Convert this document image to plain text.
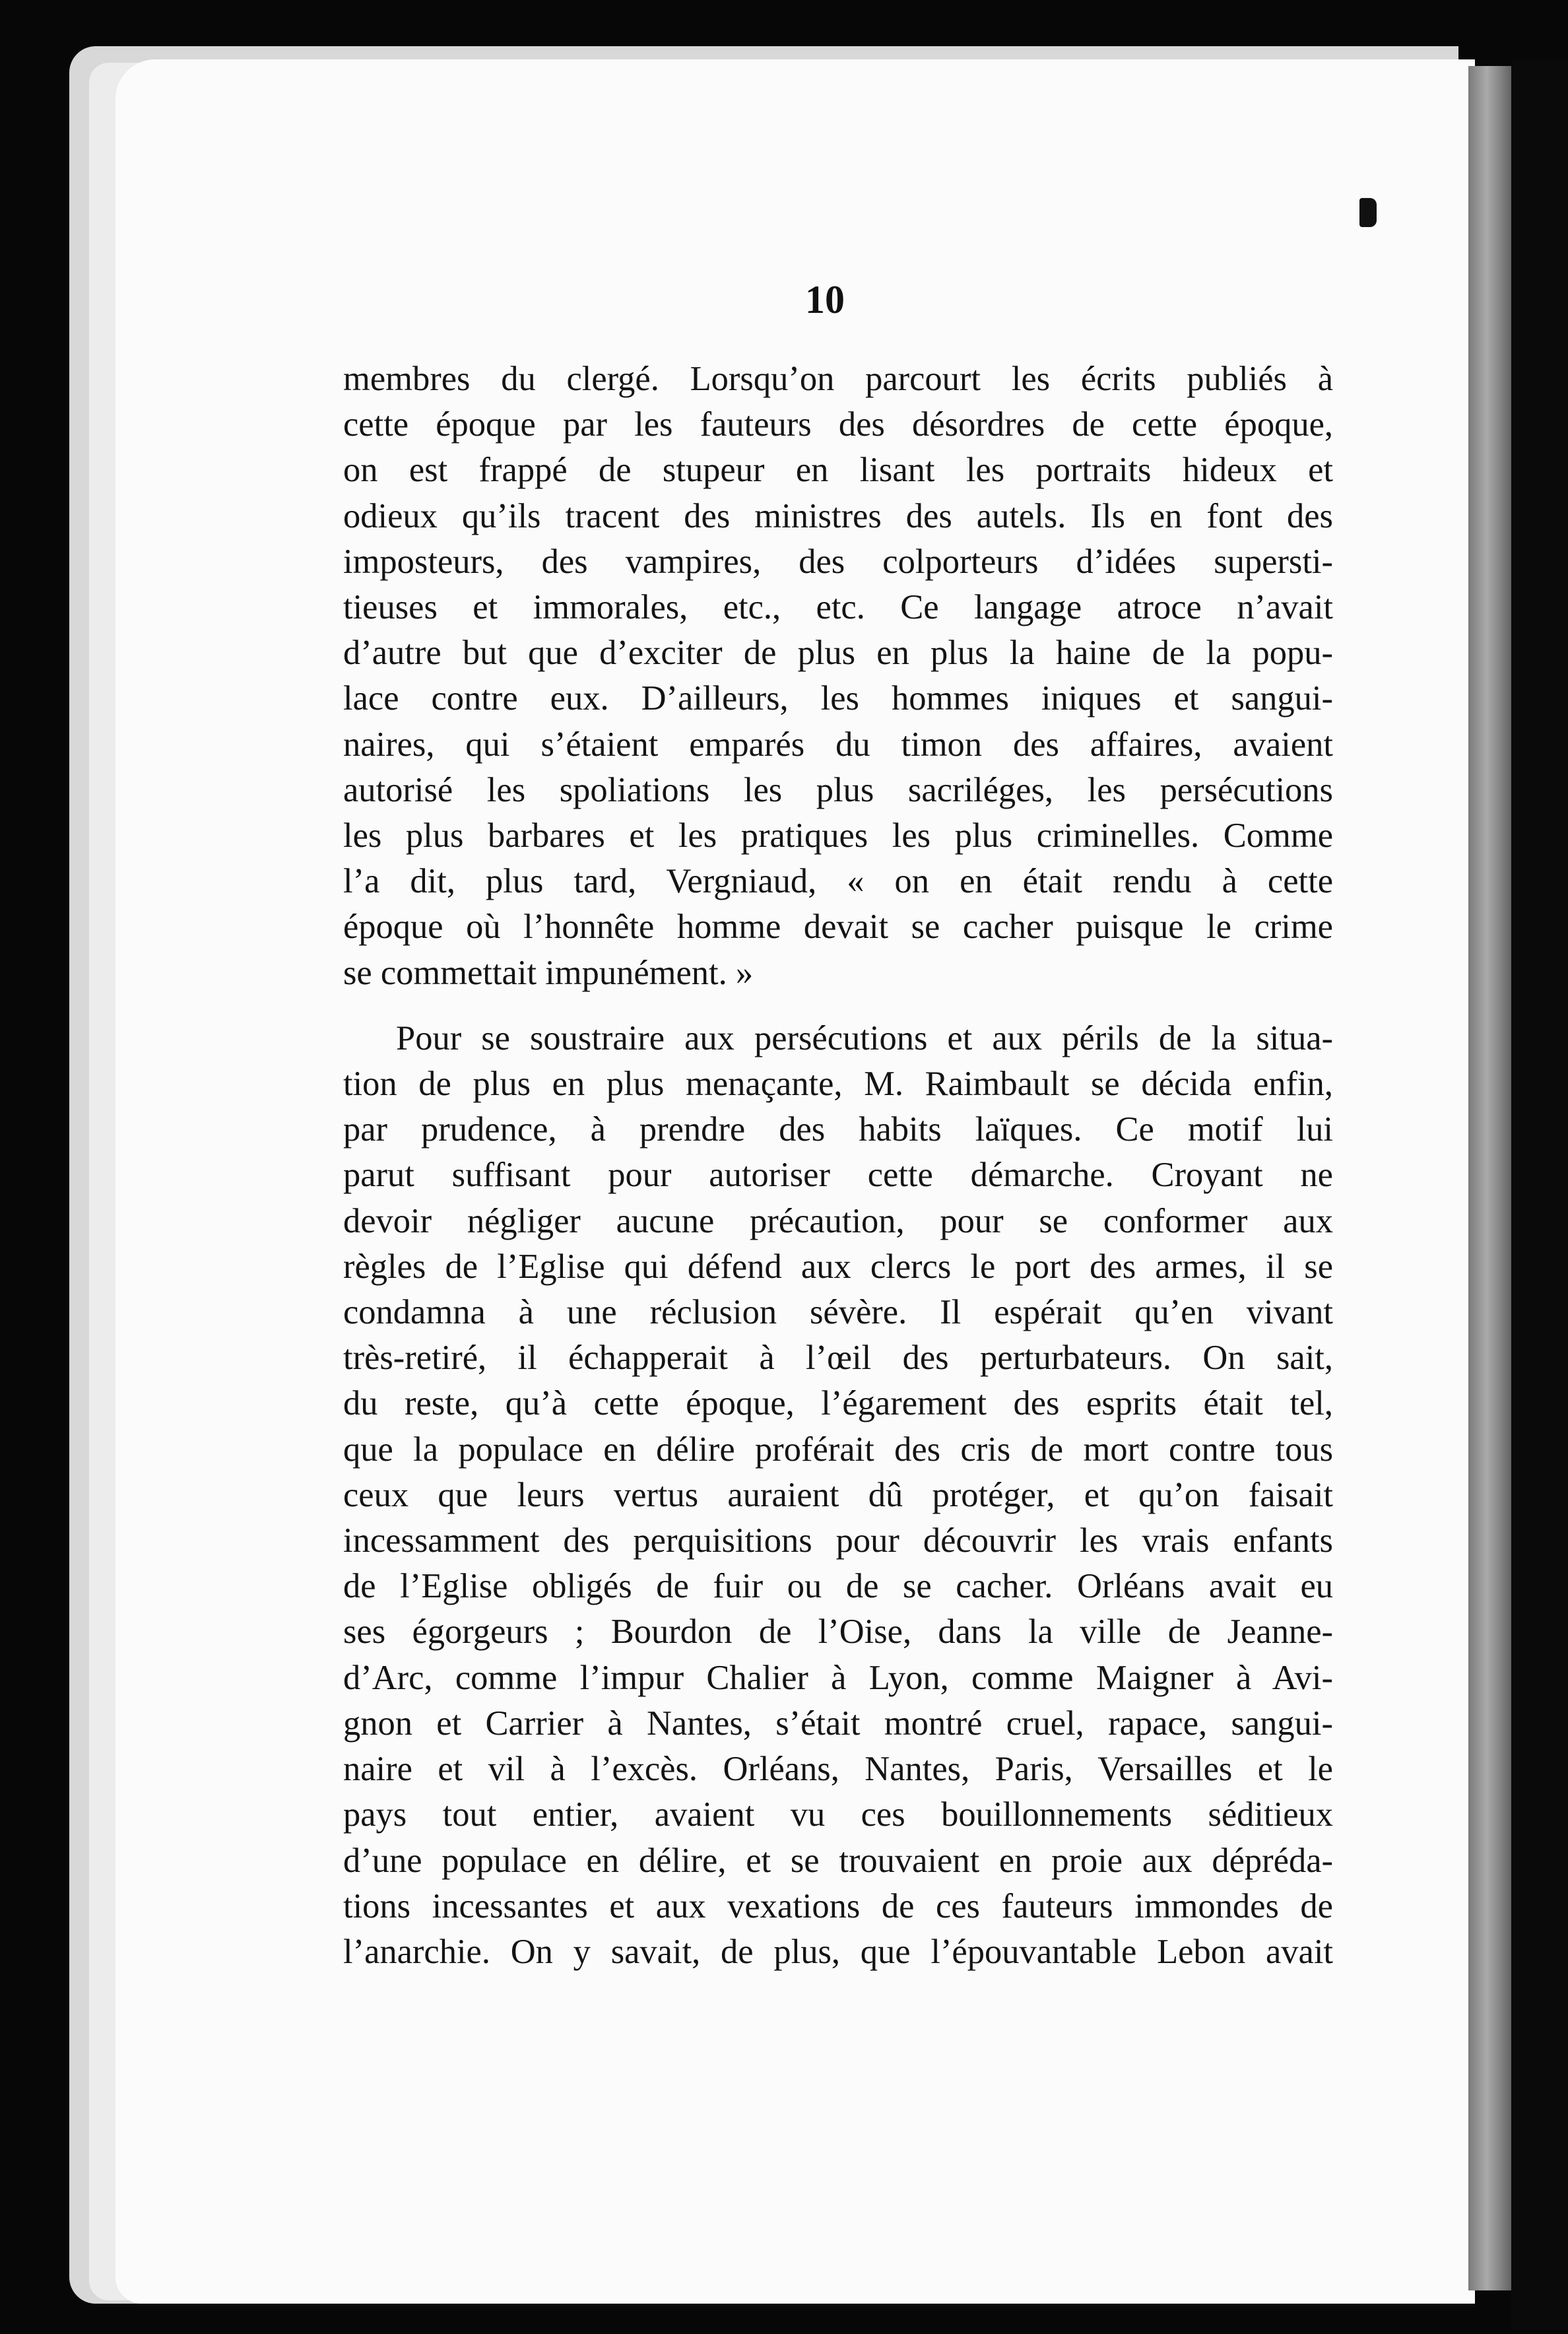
10
membres du clergé. Lorsqu’on parcourt les écrits publiés à
cette époque par les fauteurs des désordres de cette époque,
on est frappé de stupeur en lisant les portraits hideux et
odieux qu’ils tracent des ministres des autels. Ils en font des
imposteurs, des vampires, des colporteurs d’idées supersti-
tieuses et immorales, etc., etc. Ce langage atroce n’avait
d’autre but que d’exciter de plus en plus la haine de la popu-
lace contre eux. D’ailleurs, les hommes iniques et sangui-
naires, qui s’étaient emparés du timon des affaires, avaient
autorisé les spoliations les plus sacriléges, les persécutions
les plus barbares et les pratiques les plus criminelles. Comme
l’a dit, plus tard, Vergniaud, « on en était rendu à cette
époque où l’honnête homme devait se cacher puisque le crime
se commettait impunément. »
Pour se soustraire aux persécutions et aux périls de la situa-
tion de plus en plus menaçante, M. Raimbault se décida enfin,
par prudence, à prendre des habits laïques. Ce motif lui
parut suffisant pour autoriser cette démarche. Croyant ne
devoir négliger aucune précaution, pour se conformer aux
règles de l’Eglise qui défend aux clercs le port des armes, il se
condamna à une réclusion sévère. Il espérait qu’en vivant
très-retiré, il échapperait à l’œil des perturbateurs. On sait,
du reste, qu’à cette époque, l’égarement des esprits était tel,
que la populace en délire proférait des cris de mort contre tous
ceux que leurs vertus auraient dû protéger, et qu’on faisait
incessamment des perquisitions pour découvrir les vrais enfants
de l’Eglise obligés de fuir ou de se cacher. Orléans avait eu
ses égorgeurs ; Bourdon de l’Oise, dans la ville de Jeanne-
d’Arc, comme l’impur Chalier à Lyon, comme Maigner à Avi-
gnon et Carrier à Nantes, s’était montré cruel, rapace, sangui-
naire et vil à l’excès. Orléans, Nantes, Paris, Versailles et le
pays tout entier, avaient vu ces bouillonnements séditieux
d’une populace en délire, et se trouvaient en proie aux dépréda-
tions incessantes et aux vexations de ces fauteurs immondes de
l’anarchie. On y savait, de plus, que l’épouvantable Lebon avait
